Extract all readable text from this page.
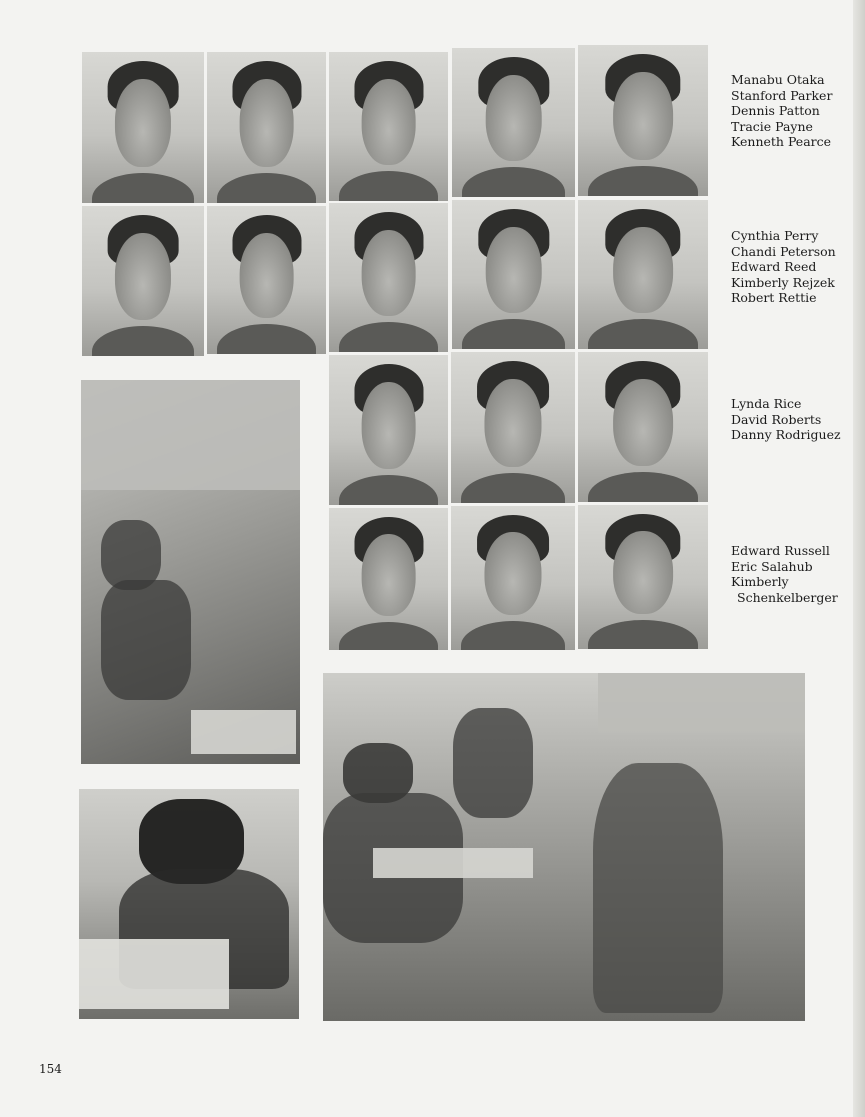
Manabu Otaka
Stanford Parker
Dennis Patton
Tracie Payne
Kenneth Pearce
Cynthia Perry
Chandi Peterson
Edward Reed
Kimberly Rejzek
Robert Rettie
Lynda Rice
David Roberts
Danny Rodriguez
Edward Russell
Eric Salahub
Kimberly
Schenkelberger
154
